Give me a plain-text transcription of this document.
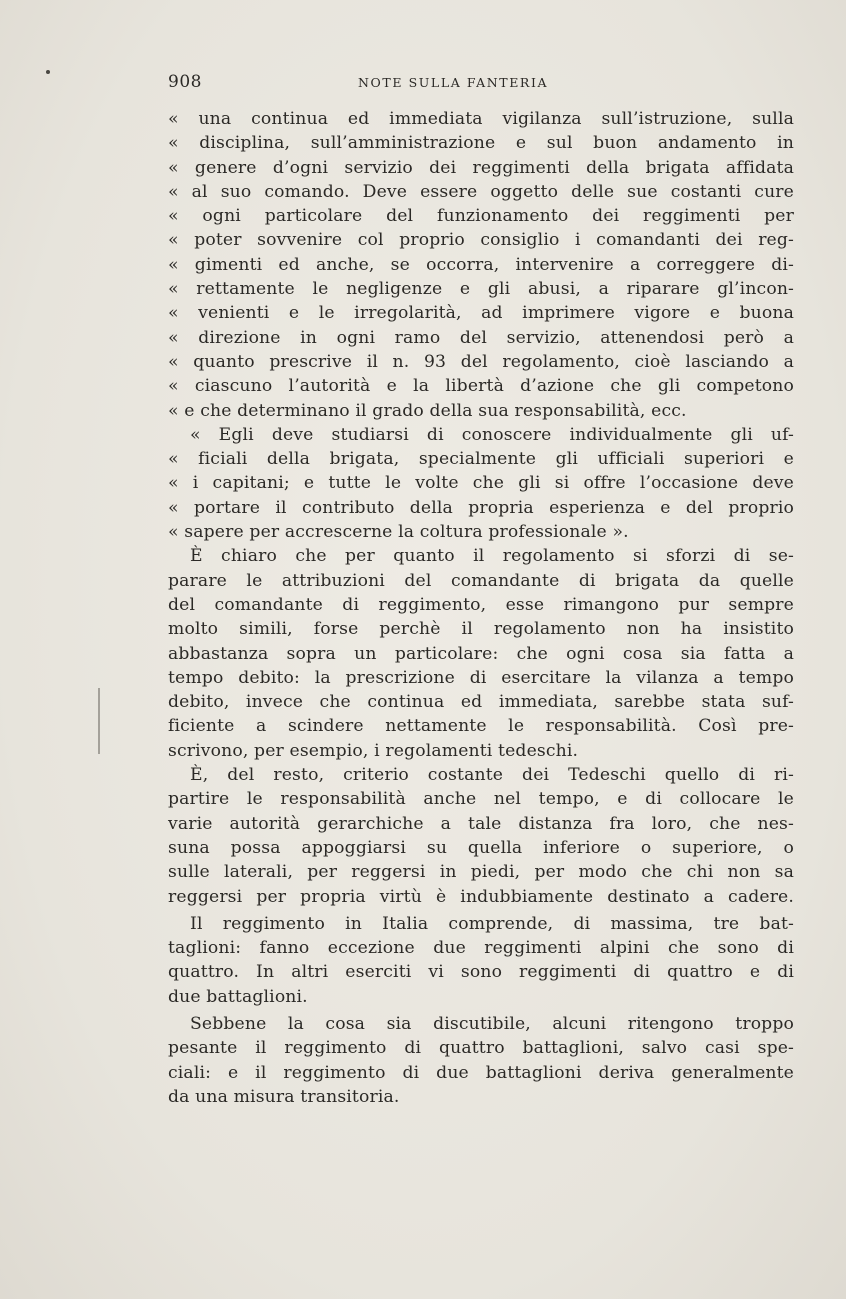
908	NOTE SULLA FANTERIA
« una continua ed immediata vigilanza sull’istruzione, sulla
« disciplina, sull’amministrazione e sul buon andamento in
« genere d’ogni servizio dei reggimenti della brigata affidata
« al suo comando. Deve essere oggetto delle sue costanti cure
« ogni particolare del funzionamento dei reggimenti per
« poter sovvenire col proprio consiglio i comandanti dei reg-
« gimenti ed anche, se occorra, intervenire a correggere di-
« rettamente le negligenze e gli abusi, a riparare gl’incon-
« venienti e le irregolarità, ad imprimere vigore e buona
« direzione in ogni ramo del servizio, attenendosi però a
« quanto prescrive il n. 93 del regolamento, cioè lasciando a
« ciascuno l’autorità e la libertà d’azione che gli competono
« e che determinano il grado della sua responsabilità, ecc.
« Egli deve studiarsi di conoscere individualmente gli uf-
« ficiali della brigata, specialmente gli ufficiali superiori e
« i capitani; e tutte le volte che gli si offre l’occasione deve
« portare il contributo della propria esperienza e del proprio
« sapere per accrescerne la coltura professionale ».
È chiaro che per quanto il regolamento si sforzi di se-
parare le attribuzioni del comandante di brigata da quelle
del comandante di reggimento, esse rimangono pur sempre
molto simili, forse perchè il regolamento non ha insistito
abbastanza sopra un particolare: che ogni cosa sia fatta a
tempo debito: la prescrizione di esercitare la vilanza a tempo
debito, invece che continua ed immediata, sarebbe stata suf-
ficiente a scindere nettamente le responsabilità. Così pre-
scrivono, per esempio, i regolamenti tedeschi.
È, del resto, criterio costante dei Tedeschi quello di ri-
partire le responsabilità anche nel tempo, e di collocare le
varie autorità gerarchiche a tale distanza fra loro, che nes-
suna possa appoggiarsi su quella inferiore o superiore, o
sulle laterali, per reggersi in piedi, per modo che chi non sa
reggersi per propria virtù è indubbiamente destinato a cadere.
Il reggimento in Italia comprende, di massima, tre bat-
taglioni: fanno eccezione due reggimenti alpini che sono di
quattro. In altri eserciti vi sono reggimenti di quattro e di
due battaglioni.
Sebbene la cosa sia discutibile, alcuni ritengono troppo
pesante il reggimento di quattro battaglioni, salvo casi spe-
ciali: e il reggimento di due battaglioni deriva generalmente
da una misura transitoria.
